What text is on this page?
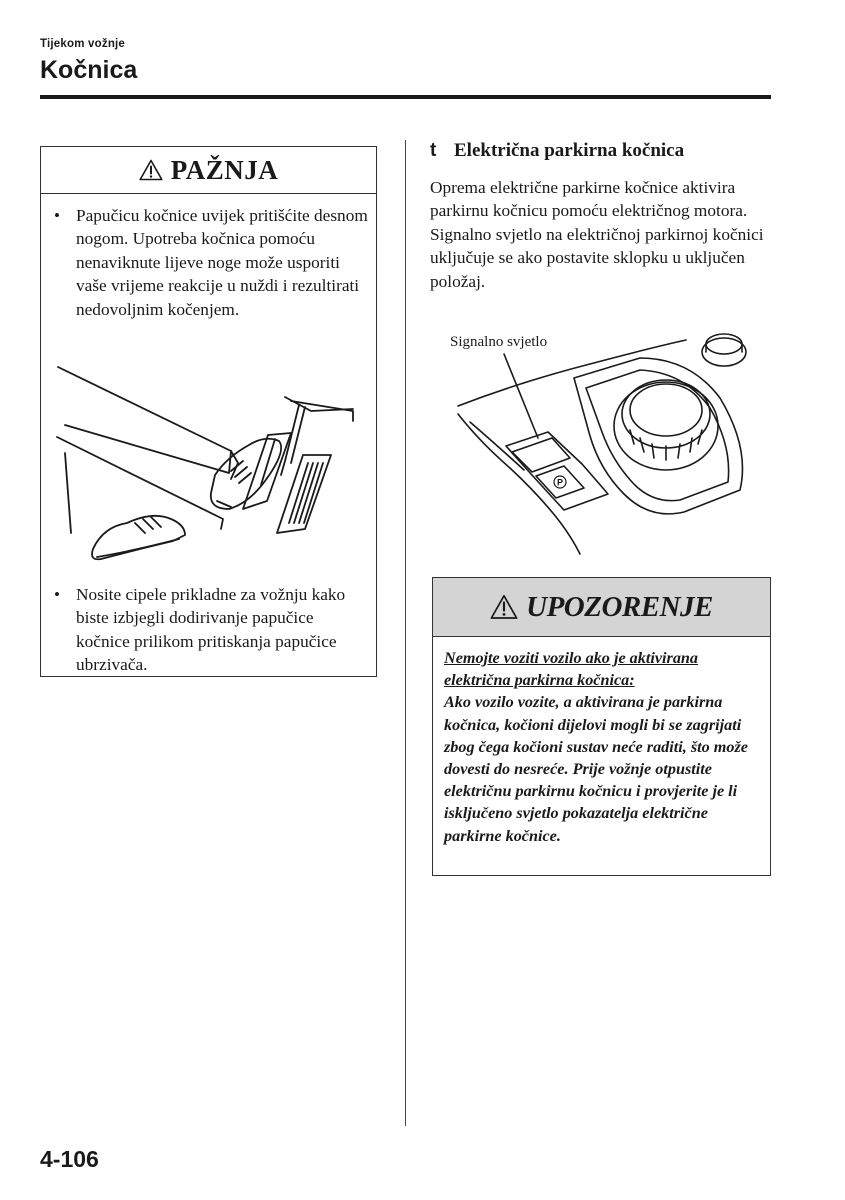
Tijekom vožnje
Kočnica
PAŽNJA
• Papučicu kočnice uvijek pritišćite desnom nogom. Upotreba kočnica pomoću nenaviknute lijeve noge može usporiti vaše vrijeme reakcije u nuždi i rezultirati nedovoljnim kočenjem.
• Nosite cipele prikladne za vožnju kako biste izbjegli dodirivanje papučice kočnice prilikom pritiskanja papučice ubrzivača.
t Električna parkirna kočnica

Oprema električne parkirne kočnice aktivira parkirnu kočnicu pomoću električnog motora. Signalno svjetlo na električnoj parkirnoj kočnici uključuje se ako postavite sklopku u uključen položaj.

P
Signalno svjetlo
UPOZORENJE
Nemojte voziti vozilo ako je aktivirana električna parkirna kočnica:
Ako vozilo vozite, a aktivirana je parkirna kočnica, kočioni dijelovi mogli bi se zagrijati zbog čega kočioni sustav neće raditi, što može dovesti do nesreće. Prije vožnje otpustite električnu parkirnu kočnicu i provjerite je li isključeno svjetlo pokazatelja električne parkirne kočnice.
4-106
